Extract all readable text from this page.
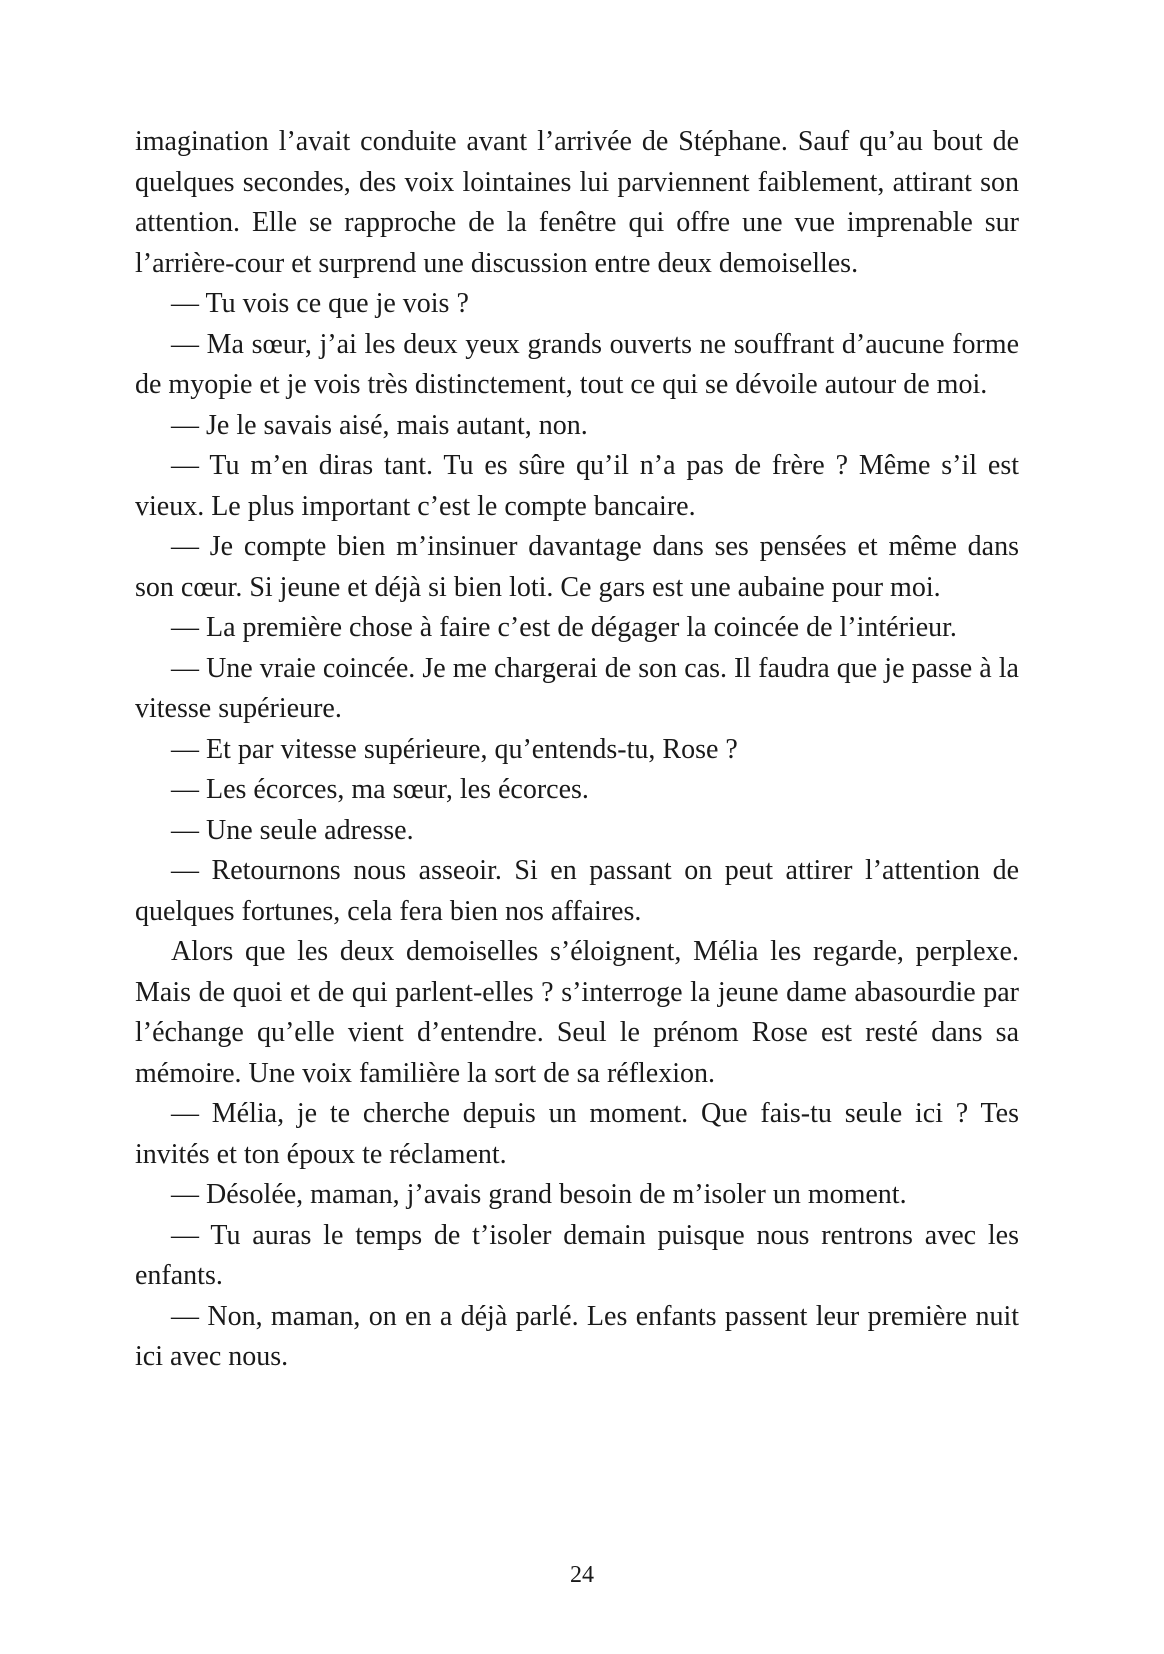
imagination l’avait conduite avant l’arrivée de Stéphane. Sauf qu’au bout de quelques secondes, des voix lointaines lui parviennent faiblement, attirant son attention. Elle se rapproche de la fenêtre qui offre une vue imprenable sur l’arrière-cour et surprend une discussion entre deux demoiselles.

— Tu vois ce que je vois ?

— Ma sœur, j’ai les deux yeux grands ouverts ne souffrant d’aucune forme de myopie et je vois très distinctement, tout ce qui se dévoile autour de moi.

— Je le savais aisé, mais autant, non.

— Tu m’en diras tant. Tu es sûre qu’il n’a pas de frère ? Même s’il est vieux. Le plus important c’est le compte bancaire.

— Je compte bien m’insinuer davantage dans ses pensées et même dans son cœur. Si jeune et déjà si bien loti. Ce gars est une aubaine pour moi.

— La première chose à faire c’est de dégager la coincée de l’intérieur.

— Une vraie coincée. Je me chargerai de son cas. Il faudra que je passe à la vitesse supérieure.

— Et par vitesse supérieure, qu’entends-tu, Rose ?

— Les écorces, ma sœur, les écorces.

— Une seule adresse.

— Retournons nous asseoir. Si en passant on peut attirer l’attention de quelques fortunes, cela fera bien nos affaires.

Alors que les deux demoiselles s’éloignent, Mélia les regarde, perplexe. Mais de quoi et de qui parlent-elles ? s’interroge la jeune dame abasourdie par l’échange qu’elle vient d’entendre. Seul le prénom Rose est resté dans sa mémoire. Une voix familière la sort de sa réflexion.

— Mélia, je te cherche depuis un moment. Que fais-tu seule ici ? Tes invités et ton époux te réclament.

— Désolée, maman, j’avais grand besoin de m’isoler un moment.

— Tu auras le temps de t’isoler demain puisque nous rentrons avec les enfants.

— Non, maman, on en a déjà parlé. Les enfants passent leur première nuit ici avec nous.

24
